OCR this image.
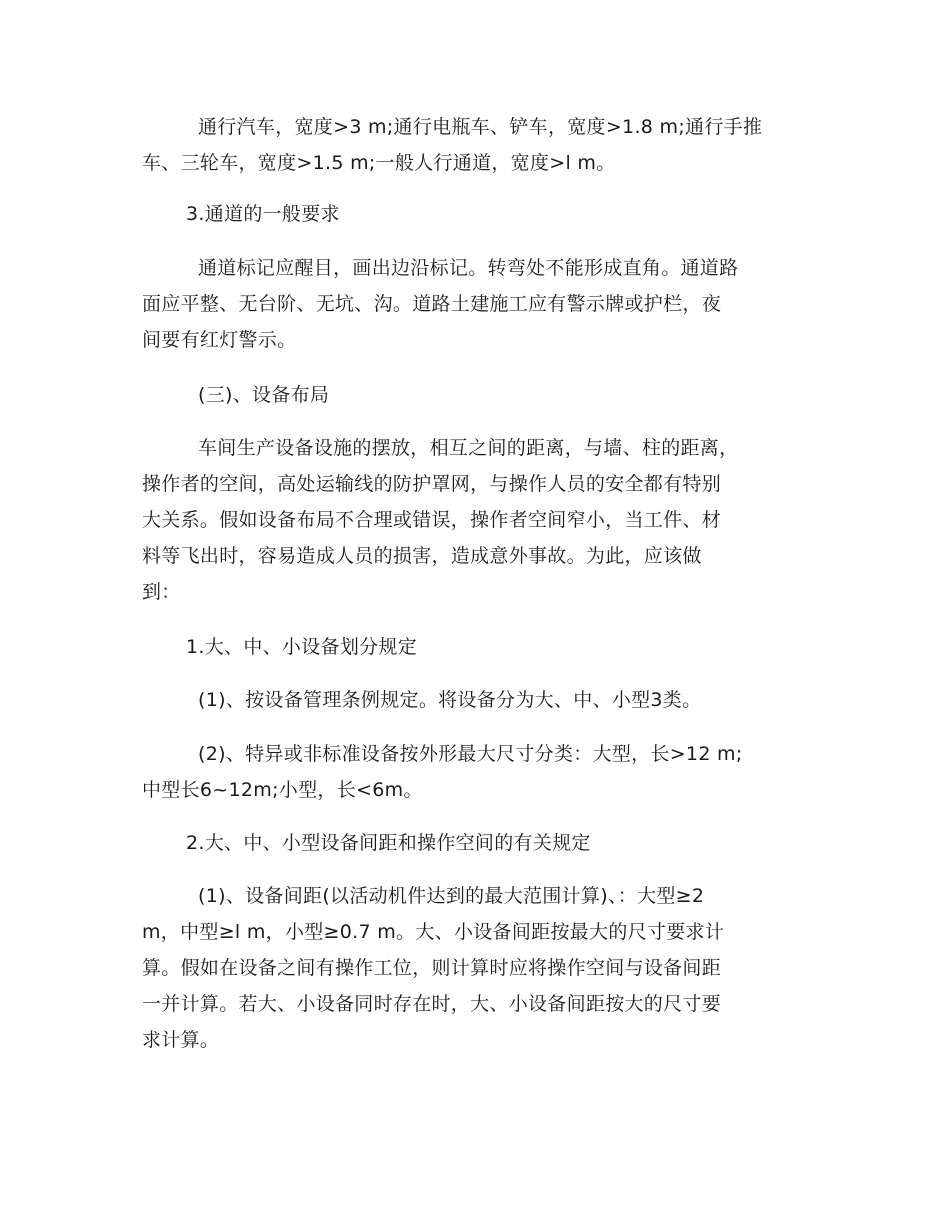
通行汽车，宽度>3 m;通行电瓶车、铲车，宽度>1.8 m;通行手推
车、三轮车，宽度>1.5 m;一般人行通道，宽度>l m。
3.通道的一般要求
通道标记应醒目，画出边沿标记。转弯处不能形成直角。通道路
面应平整、无台阶、无坑、沟。道路土建施工应有警示牌或护栏，夜
间要有红灯警示。
(三)、设备布局
车间生产设备设施的摆放，相互之间的距离，与墙、柱的距离，
操作者的空间，高处运输线的防护罩网，与操作人员的安全都有特别
大关系。假如设备布局不合理或错误，操作者空间窄小，当工件、材
料等飞出时，容易造成人员的损害，造成意外事故。为此，应该做
到：
1.大、中、小设备划分规定
(1)、按设备管理条例规定。将设备分为大、中、小型3类。
(2)、特异或非标准设备按外形最大尺寸分类：大型，长>12 m;
中型长6~12m;小型，长<6m。
2.大、中、小型设备间距和操作空间的有关规定
(1)、设备间距(以活动机件达到的最大范围计算)、：大型≥2
m，中型≥l m，小型≥0.7 m。大、小设备间距按最大的尺寸要求计
算。假如在设备之间有操作工位，则计算时应将操作空间与设备间距
一并计算。若大、小设备同时存在时，大、小设备间距按大的尺寸要
求计算。
